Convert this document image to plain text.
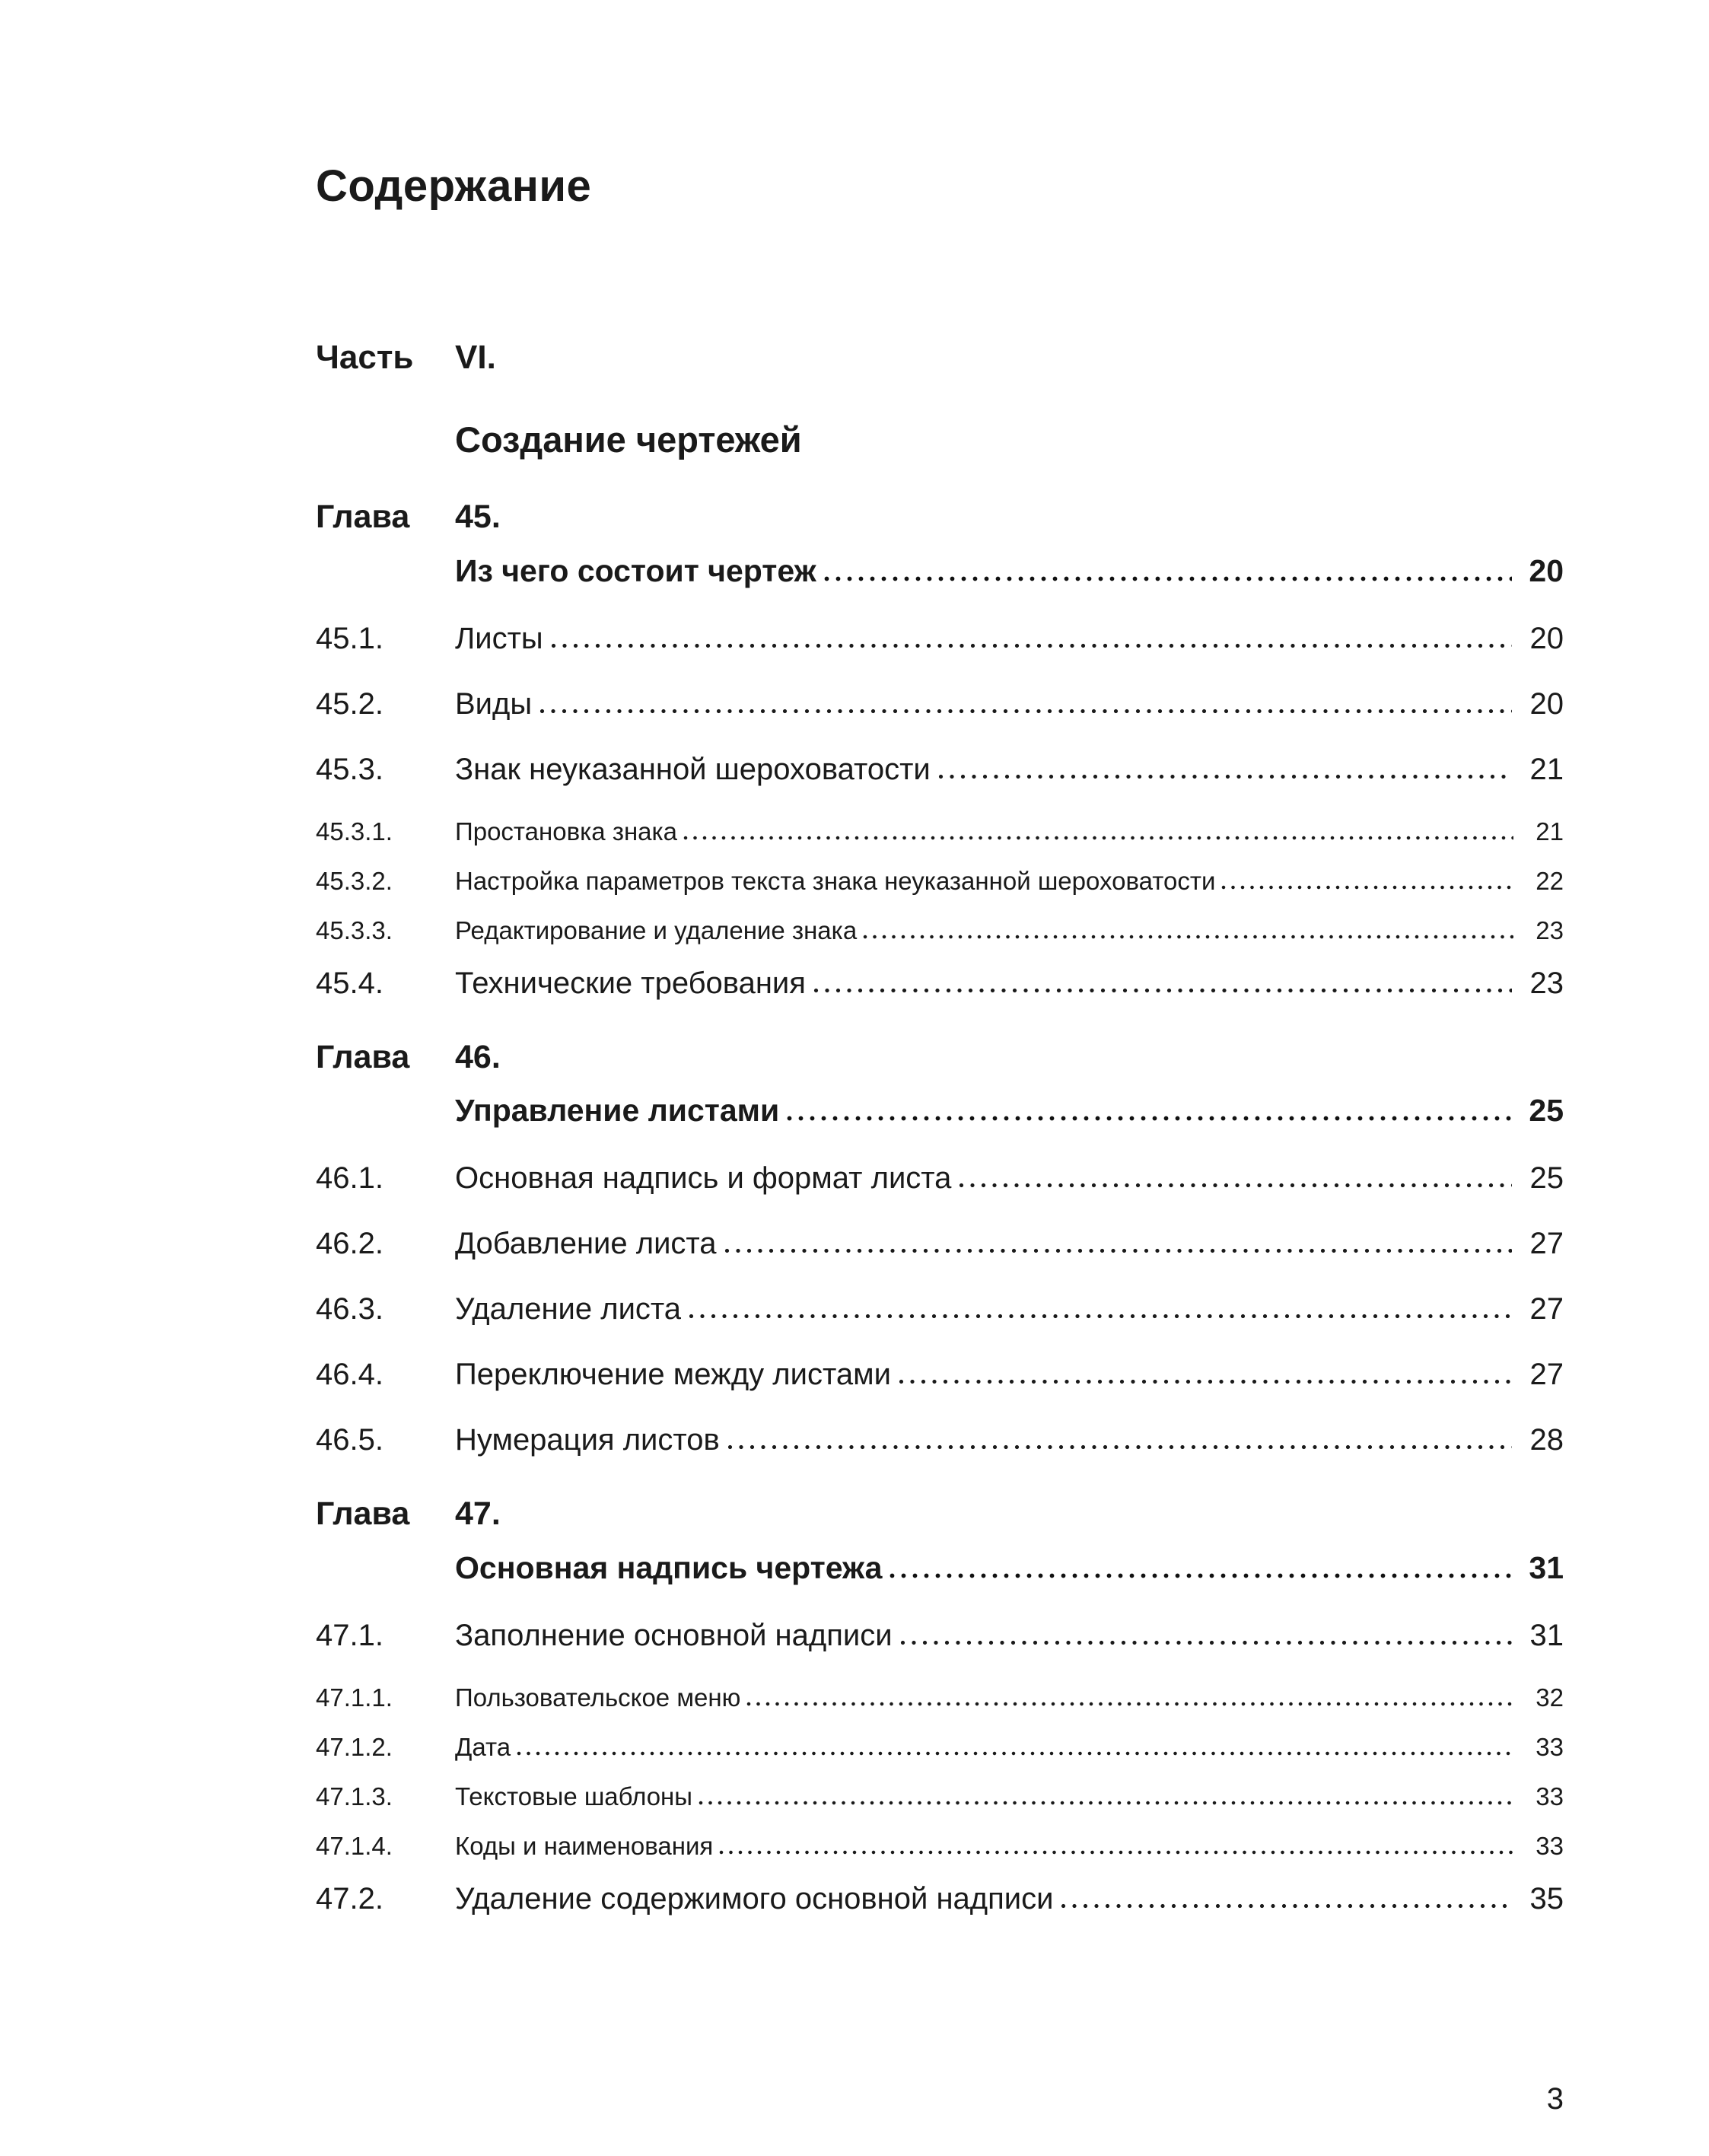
Содержание
Часть	VI.
Создание чертежей
Глава	45.
Из чего состоит чертеж	20
45.1.	Листы	20
45.2.	Виды	20
45.3.	Знак неуказанной шероховатости	21
45.3.1.	Простановка знака	21
45.3.2.	Настройка параметров текста знака неуказанной шероховатости	22
45.3.3.	Редактирование и удаление знака	23
45.4.	Технические требования	23
Глава	46.
Управление листами	25
46.1.	Основная надпись и формат листа	25
46.2.	Добавление листа	27
46.3.	Удаление листа	27
46.4.	Переключение между листами	27
46.5.	Нумерация листов	28
Глава	47.
Основная надпись чертежа	31
47.1.	Заполнение основной надписи	31
47.1.1.	Пользовательское меню	32
47.1.2.	Дата	33
47.1.3.	Текстовые шаблоны	33
47.1.4.	Коды и наименования	33
47.2.	Удаление содержимого основной надписи	35
3
